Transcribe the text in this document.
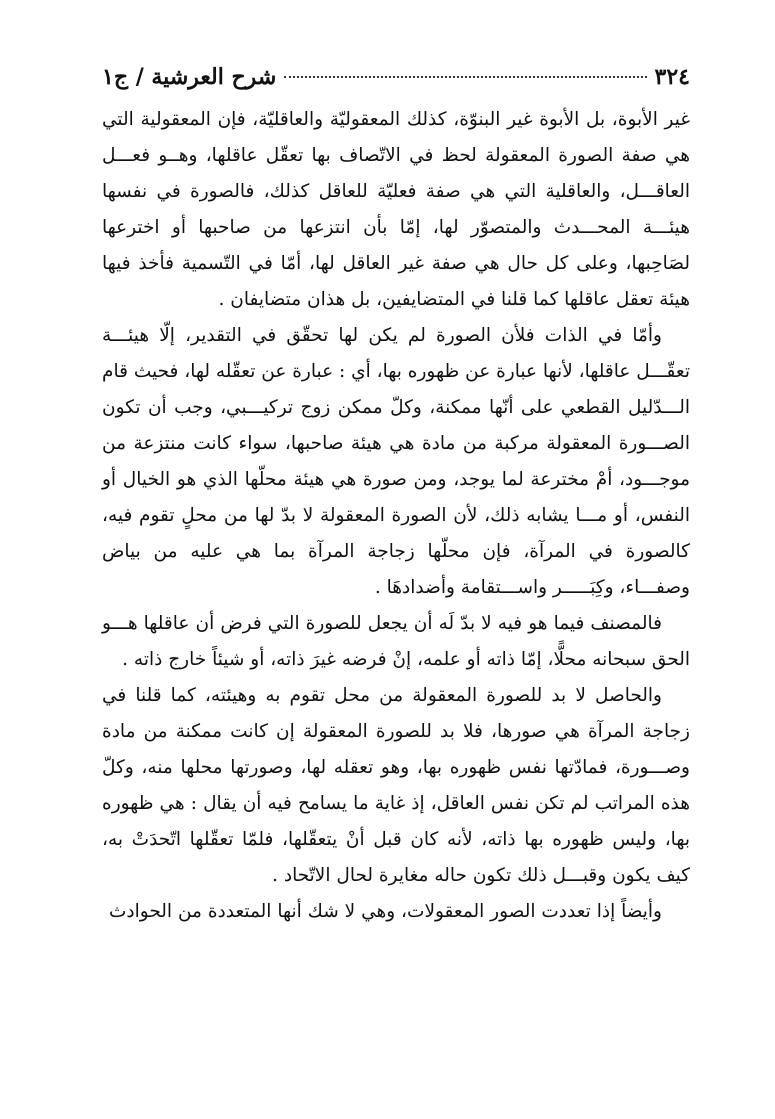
٣٢٤
شرح العرشية / ج١

غير الأبوة، بل الأبوة غير البنوّة، كذلك المعقوليّة والعاقليّة، فإن المعقولية التي هي صفة الصورة المعقولة لحظ في الاتّصاف بها تعقّل عاقلها، وهــو فعـــل العاقـــل، والعاقلية التي هي صفة فعليّة للعاقل كذلك، فالصورة في نفسها هيئـــة المحـــدث والمتصوّر لها، إمّا بأن انتزعها من صاحبها أو اخترعها لصَاحِبها، وعلى كل حال هي صفة غير العاقل لها، أمّا في التّسمية فأخذ فيها هيئة تعقل عاقلها كما قلنا في المتضايفين، بل هذان متضايفان .

وأمّا في الذات فلأن الصورة لم يكن لها تحقّق في التقدير، إلّا هيئـــة تعقّـــل عاقلها، لأنها عبارة عن ظهوره بها، أي : عبارة عن تعقّله لها، فحيث قام الـــدّليل القطعي على أنّها ممكنة، وكلّ ممكن زوج تركيـــبي، وجب أن تكون الصـــورة المعقولة مركبة من مادة هي هيئة صاحبها، سواء كانت منتزعة من موجـــود، أمْ مخترعة لما يوجد، ومن صورة هي هيئة محلّها الذي هو الخيال أو النفس، أو مـــا يشابه ذلك، لأن الصورة المعقولة لا بدّ لها من محلٍ تقوم فيه، كالصورة في المرآة، فإن محلّها زجاجة المرآة بما هي عليه من بياض وصفـــاء، وكِبَـــــر واســـتقامة وأضدادهَا .

فالمصنف فيما هو فيه لا بدّ لَه أن يجعل للصورة التي فرض أن عاقلها هـــو الحق سبحانه محلًّا، إمّا ذاته أو علمه، إنْ فرضه غيرَ ذاته، أو شيئاً خارج ذاته .

والحاصل لا بد للصورة المعقولة من محل تقوم به وهيئته، كما قلنا في زجاجة المرآة هي صورها، فلا بد للصورة المعقولة إن كانت ممكنة من مادة وصـــورة، فمادّتها نفس ظهوره بها، وهو تعقله لها، وصورتها محلها منه، وكلّ هذه المراتب لم تكن نفس العاقل، إذ غاية ما يسامح فيه أن يقال : هي ظهوره بها، وليس ظهوره بها ذاته، لأنه كان قبل أنْ يتعقّلها، فلمّا تعقّلها اتّحدَتْ به، كيف يكون وقبـــل ذلك تكون حاله مغايرة لحال الاتّحاد .

وأيضاً إذا تعددت الصور المعقولات، وهي لا شك أنها المتعددة من الحوادث
